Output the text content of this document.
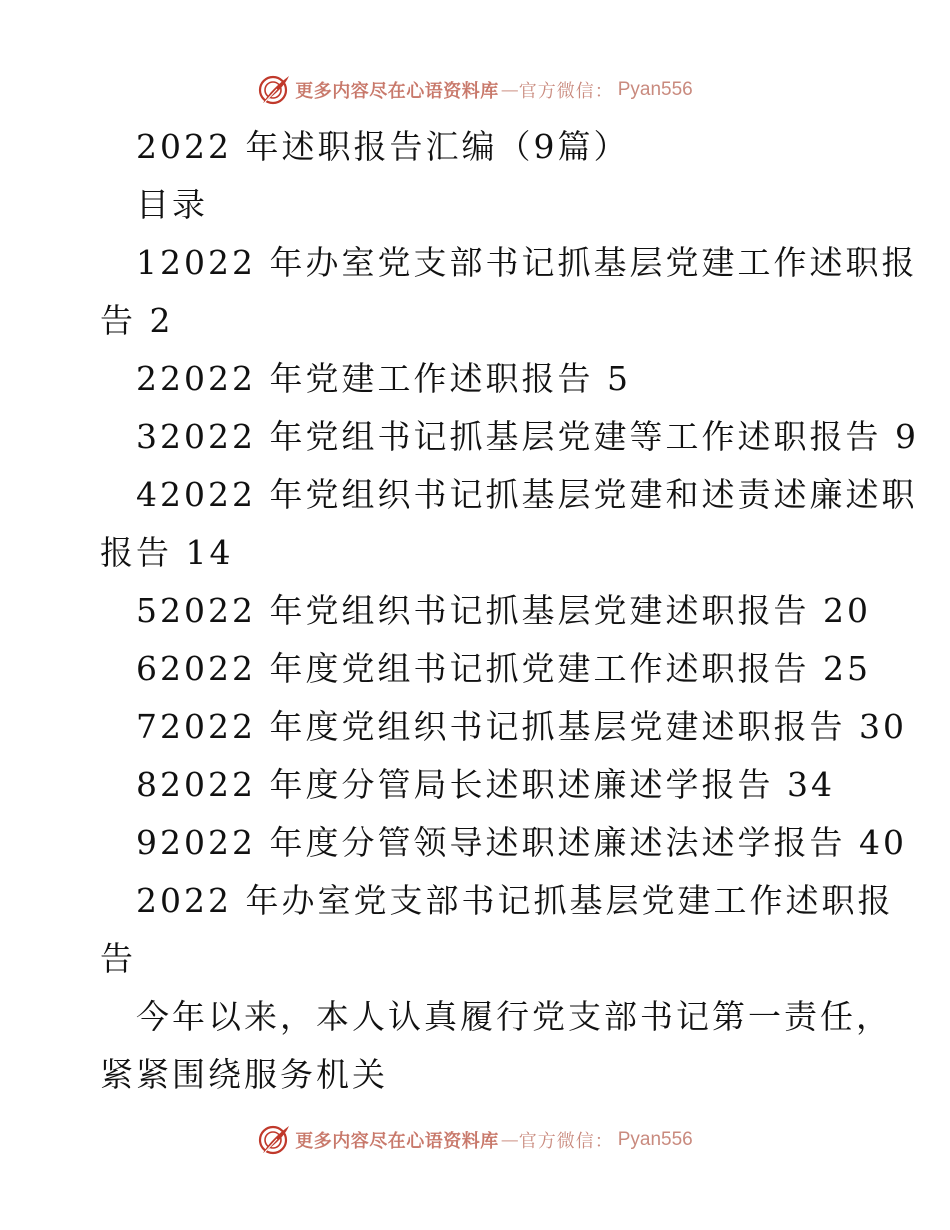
更多内容尽在心语资料库 — 官方微信： Pyan556
2022 年述职报告汇编（9篇）
目录
12022 年办室党支部书记抓基层党建工作述职报
告 2
22022 年党建工作述职报告 5
32022 年党组书记抓基层党建等工作述职报告 9
42022 年党组织书记抓基层党建和述责述廉述职
报告 14
52022 年党组织书记抓基层党建述职报告 20
62022 年度党组书记抓党建工作述职报告 25
72022 年度党组织书记抓基层党建述职报告 30
82022 年度分管局长述职述廉述学报告 34
92022 年度分管领导述职述廉述法述学报告 40
2022 年办室党支部书记抓基层党建工作述职报
告
今年以来，本人认真履行党支部书记第一责任，
紧紧围绕服务机关
更多内容尽在心语资料库 — 官方微信： Pyan556
